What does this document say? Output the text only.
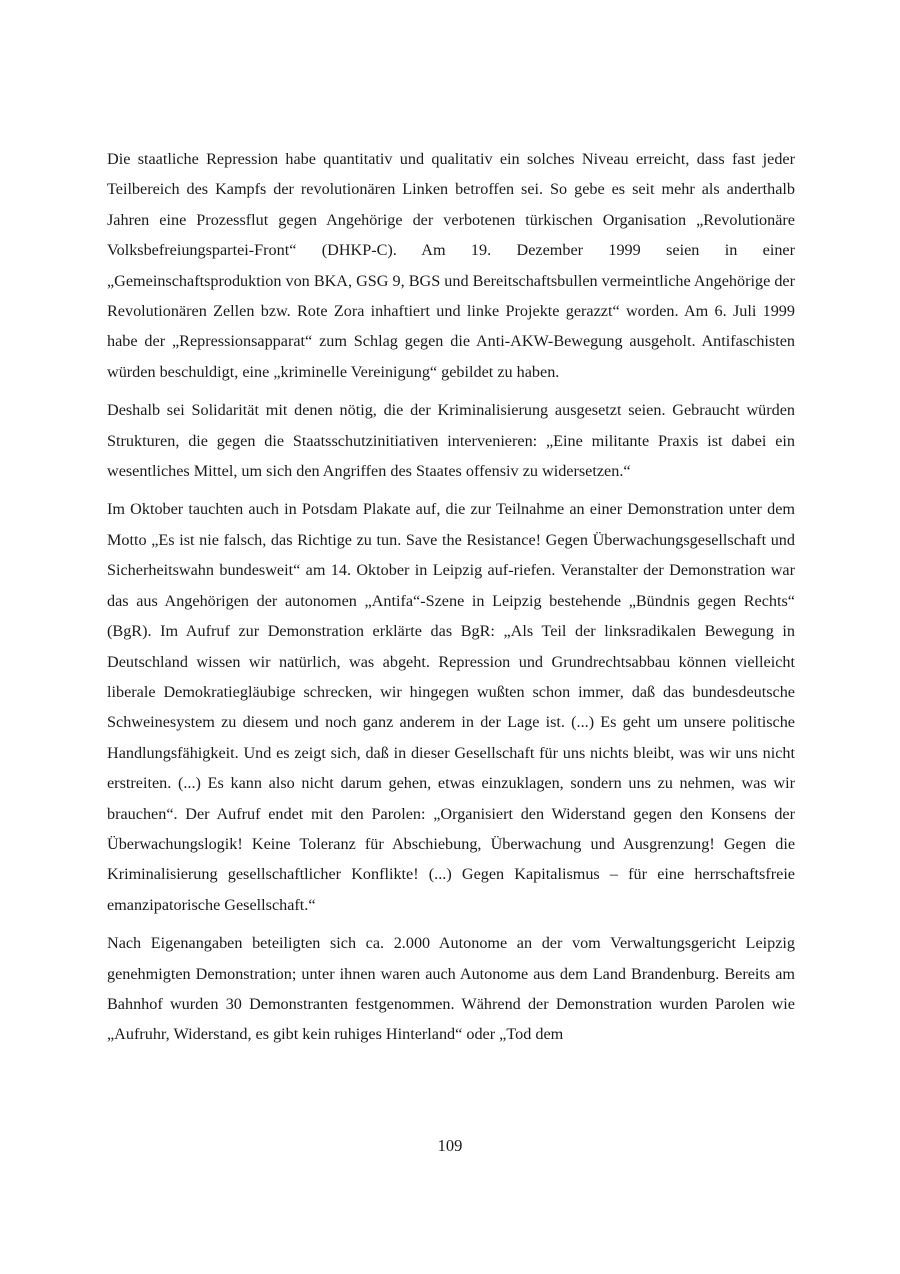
Die staatliche Repression habe quantitativ und qualitativ ein solches Niveau erreicht, dass fast jeder Teilbereich des Kampfs der revolutionären Linken betroffen sei. So gebe es seit mehr als anderthalb Jahren eine Prozessflut gegen Angehörige der verbotenen türkischen Organisation „Revolutionäre Volksbefreiungspartei-Front“ (DHKP-C). Am 19. Dezember 1999 seien in einer „Gemeinschaftsproduktion von BKA, GSG 9, BGS und Bereitschaftsbullen vermeintliche Angehörige der Revolutionären Zellen bzw. Rote Zora inhaftiert und linke Projekte gerazzt“ worden. Am 6. Juli 1999 habe der „Repressionsapparat“ zum Schlag gegen die Anti-AKW-Bewegung ausgeholt. Antifaschisten würden beschuldigt, eine „kriminelle Vereinigung“ gebildet zu haben.

Deshalb sei Solidarität mit denen nötig, die der Kriminalisierung ausgesetzt seien. Gebraucht würden Strukturen, die gegen die Staatsschutzinitiativen intervenieren: „Eine militante Praxis ist dabei ein wesentliches Mittel, um sich den Angriffen des Staates offensiv zu widersetzen.“

Im Oktober tauchten auch in Potsdam Plakate auf, die zur Teilnahme an einer Demonstration unter dem Motto „Es ist nie falsch, das Richtige zu tun. Save the Resistance! Gegen Überwachungsgesellschaft und Sicherheitswahn bundesweit“ am 14. Oktober in Leipzig auf-riefen. Veranstalter der Demonstration war das aus Angehörigen der autonomen „Antifa“-Szene in Leipzig bestehende „Bündnis gegen Rechts“ (BgR). Im Aufruf zur Demonstration erklärte das BgR: „Als Teil der linksradikalen Bewegung in Deutschland wissen wir natürlich, was abgeht. Repression und Grundrechtsabbau können vielleicht liberale Demokratiegläubige schrecken, wir hingegen wußten schon immer, daß das bundesdeutsche Schweinesystem zu diesem und noch ganz anderem in der Lage ist. (...) Es geht um unsere politische Handlungsfähigkeit. Und es zeigt sich, daß in dieser Gesellschaft für uns nichts bleibt, was wir uns nicht erstreiten. (...) Es kann also nicht darum gehen, etwas einzuklagen, sondern uns zu nehmen, was wir brauchen“. Der Aufruf endet mit den Parolen: „Organisiert den Widerstand gegen den Konsens der Überwachungslogik! Keine Toleranz für Abschiebung, Überwachung und Ausgrenzung! Gegen die Kriminalisierung gesellschaftlicher Konflikte! (...) Gegen Kapitalismus – für eine herrschaftsfreie emanzipatorische Gesellschaft.“

Nach Eigenangaben beteiligten sich ca. 2.000 Autonome an der vom Verwaltungsgericht Leipzig genehmigten Demonstration; unter ihnen waren auch Autonome aus dem Land Brandenburg. Bereits am Bahnhof wurden 30 Demonstranten festgenommen. Während der Demonstration wurden Parolen wie „Aufruhr, Widerstand, es gibt kein ruhiges Hinterland“ oder „Tod dem

109
